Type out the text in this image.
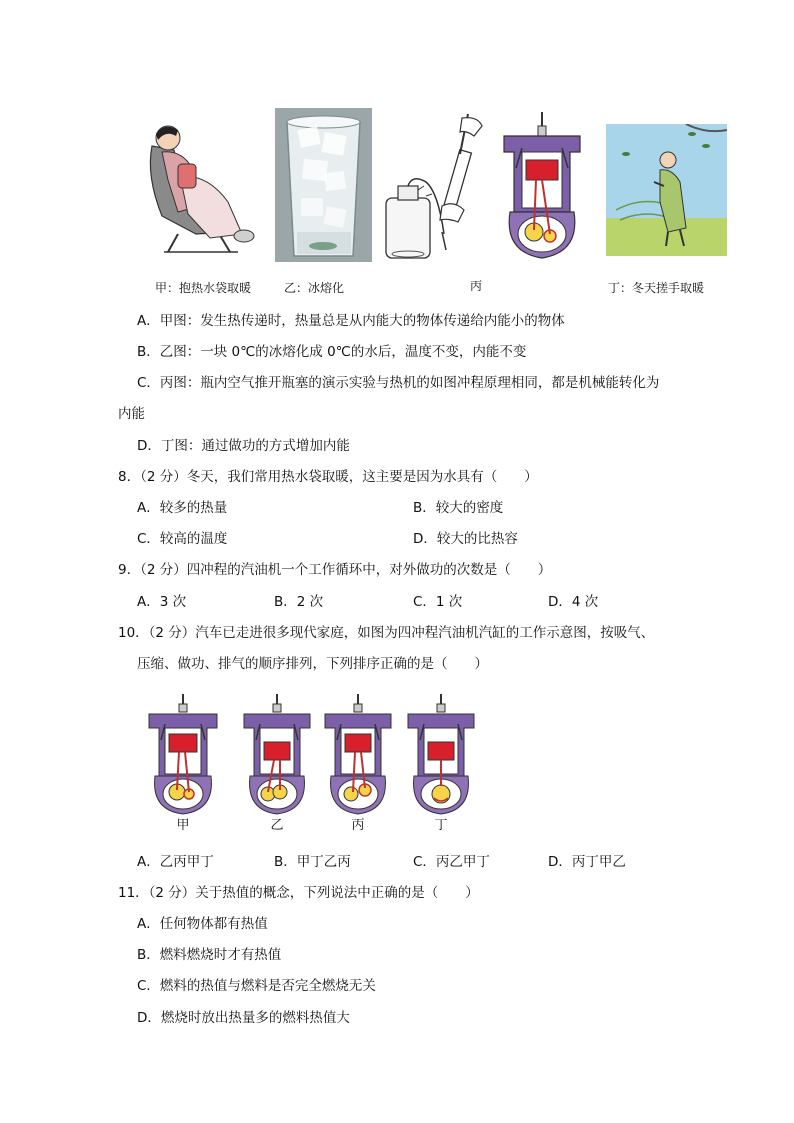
甲：抱热水袋取暖	乙：冰熔化	丙	丁：冬天搓手取暖
A．甲图：发生热传递时，热量总是从内能大的物体传递给内能小的物体
B．乙图：一块 0℃的冰熔化成 0℃的水后，温度不变，内能不变
C．丙图：瓶内空气推开瓶塞的演示实验与热机的如图冲程原理相同，都是机械能转化为
内能
D．丁图：通过做功的方式增加内能
8．（2 分）冬天，我们常用热水袋取暖，这主要是因为水具有（　　）
A．较多的热量	B．较大的密度
C．较高的温度	D．较大的比热容
9．（2 分）四冲程的汽油机一个工作循环中，对外做功的次数是（　　）
A．3 次	B．2 次	C．1 次	D．4 次
10．（2 分）汽车已走进很多现代家庭，如图为四冲程汽油机汽缸的工作示意图，按吸气、
压缩、做功、排气的顺序排列，下列排序正确的是（　　）
甲	乙	丙	丁
A．乙丙甲丁	B．甲丁乙丙	C．丙乙甲丁	D．丙丁甲乙
11．（2 分）关于热值的概念，下列说法中正确的是（　　）
A．任何物体都有热值
B．燃料燃烧时才有热值
C．燃料的热值与燃料是否完全燃烧无关
D．燃烧时放出热量多的燃料热值大
